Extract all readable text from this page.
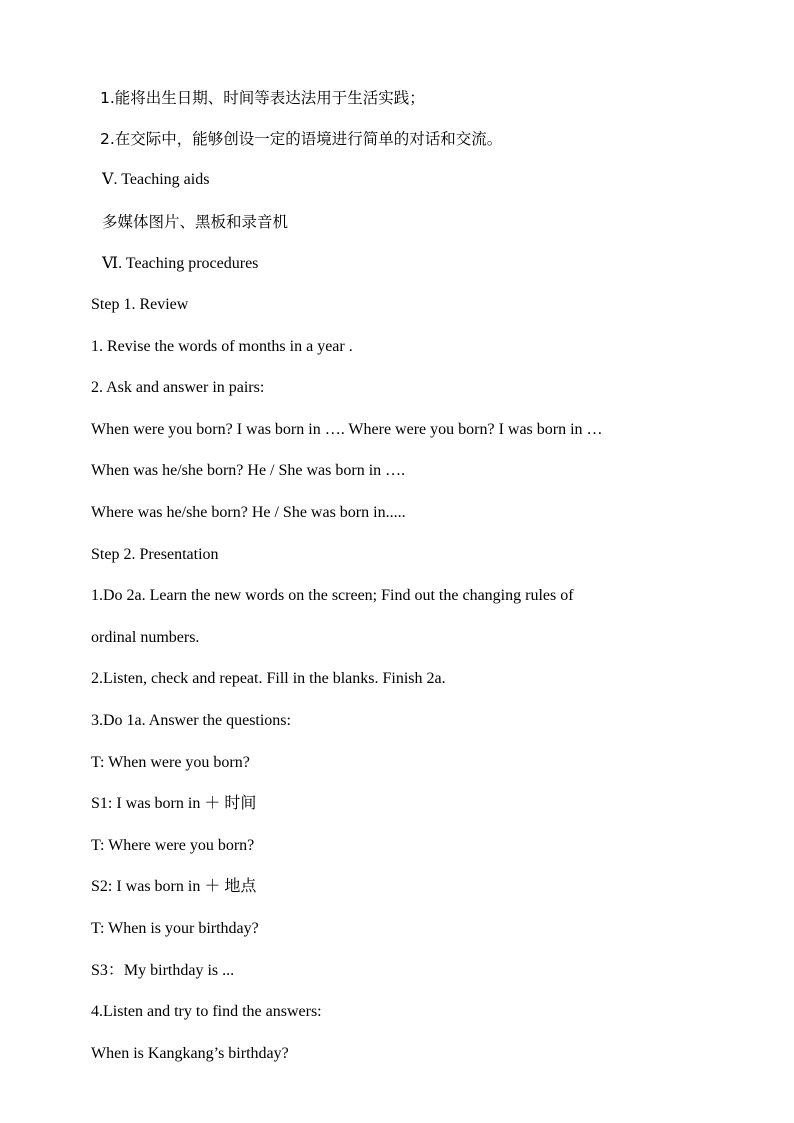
1.能将出生日期、时间等表达法用于生活实践；
2.在交际中，能够创设一定的语境进行简单的对话和交流。
Ⅴ. Teaching aids
多媒体图片、黑板和录音机
Ⅵ. Teaching procedures
Step 1. Review
1. Revise the words of months in a year .
2. Ask and answer in pairs:
When were you born? I was born in …. Where were you born? I was born in …
When was he/she born? He / She was born in ….
Where was he/she born? He / She was born in.....
Step 2. Presentation
1.Do 2a. Learn the new words on the screen; Find out the changing rules of
ordinal numbers.
2.Listen, check and repeat. Fill in the blanks. Finish 2a.
3.Do 1a. Answer the questions:
T: When were you born?
S1: I was born in ＋ 时间
T: Where were you born?
S2: I was born in ＋ 地点
T: When is your birthday?
S3：My birthday is ...
4.Listen and try to find the answers:
When is Kangkang’s birthday?
